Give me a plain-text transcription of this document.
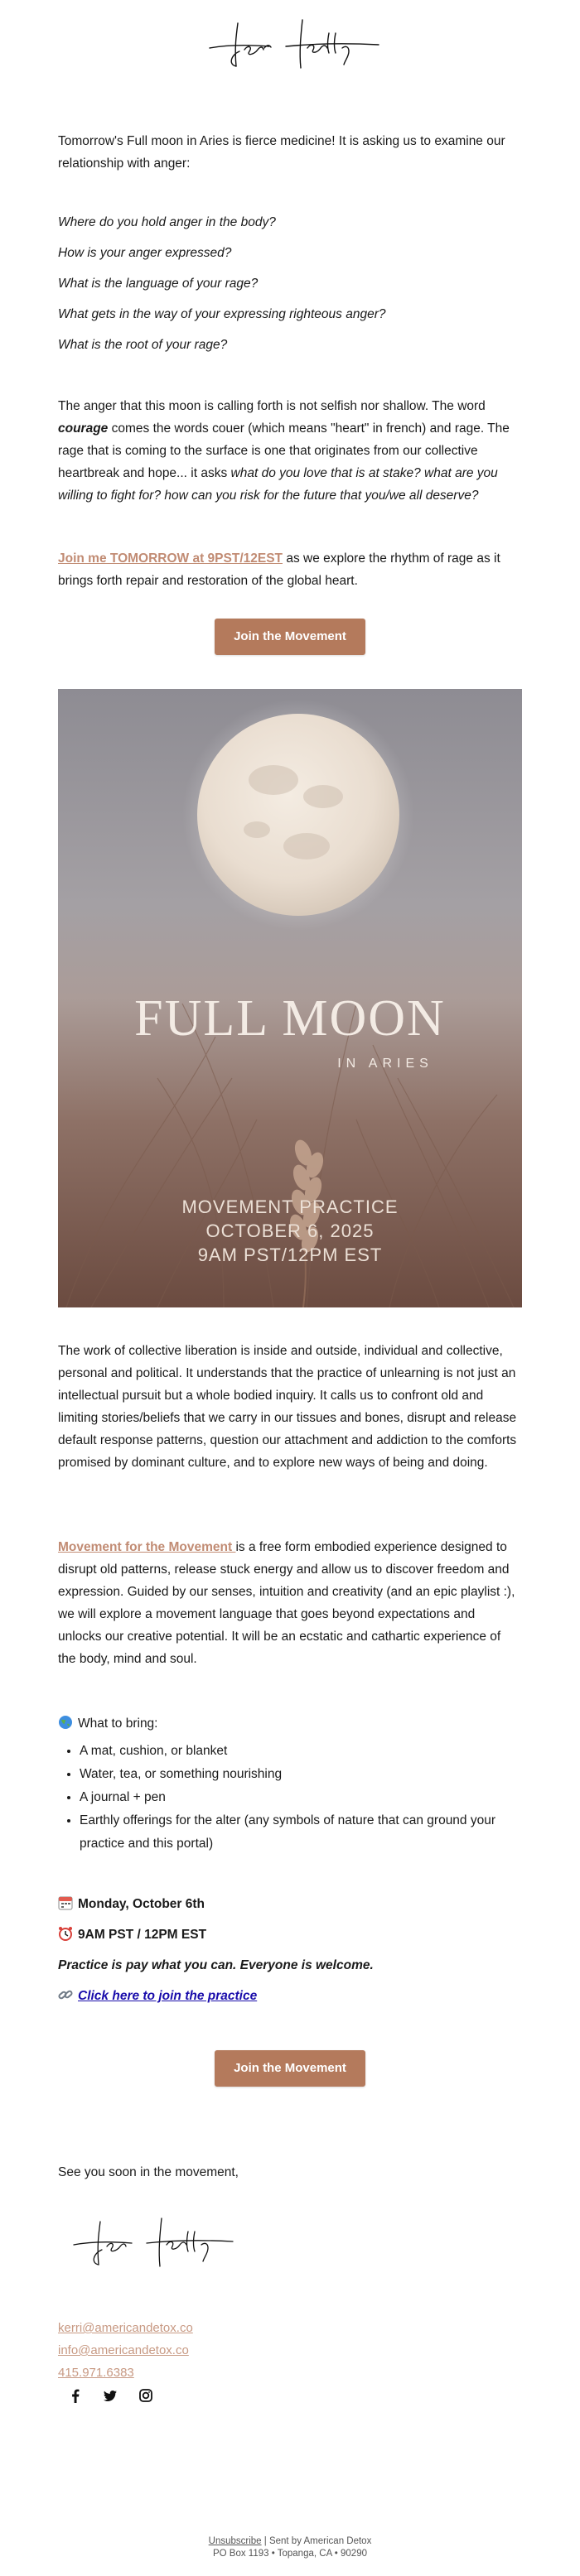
Tomorrow's Full moon in Aries is fierce medicine! It is asking us to examine our relationship with anger:

Where do you hold anger in the body?

How is your anger expressed?

What is the language of your rage?

What gets in the way of your expressing righteous anger?

What is the root of your rage?

The anger that this moon is calling forth is not selfish nor shallow. The word courage comes the words couer (which means "heart" in french) and rage. The rage that is coming to the surface is one that originates from our collective heartbreak and hope... it asks what do you love that is at stake? what are you willing to fight for? how can you risk for the future that you/we all deserve?

Join me TOMORROW at 9PST/12EST as we explore the rhythm of rage as it brings forth repair and restoration of the global heart.

Join the Movement
FULL MOON
IN ARIES
MOVEMENT PRACTICE
OCTOBER 6, 2025
9AM PST/12PM EST

The work of collective liberation is inside and outside, individual and collective, personal and political. It understands that the practice of unlearning is not just an intellectual pursuit but a whole bodied inquiry. It calls us to confront old and limiting stories/beliefs that we carry in our tissues and bones, disrupt and release default response patterns, question our attachment and addiction to the comforts promised by dominant culture, and to explore new ways of being and doing.

Movement for the Movement is a free form embodied experience designed to disrupt old patterns, release stuck energy and allow us to discover freedom and expression. Guided by our senses, intuition and creativity (and an epic playlist :), we will explore a movement language that goes beyond expectations and unlocks our creative potential. It will be an ecstatic and cathartic experience of the body, mind and soul.

What to bring:

• A mat, cushion, or blanket
• Water, tea, or something nourishing
• A journal + pen
• Earthly offerings for the alter (any symbols of nature that can ground your practice and this portal)

Monday, October 6th

9AM PST / 12PM EST

Practice is pay what you can. Everyone is welcome.

Click here to join the practice

Join the Movement

See you soon in the movement,

kerri@americandetox.co
info@americandetox.co
415.971.6383

Unsubscribe | Sent by American Detox
PO Box 1193 • Topanga, CA • 90290
